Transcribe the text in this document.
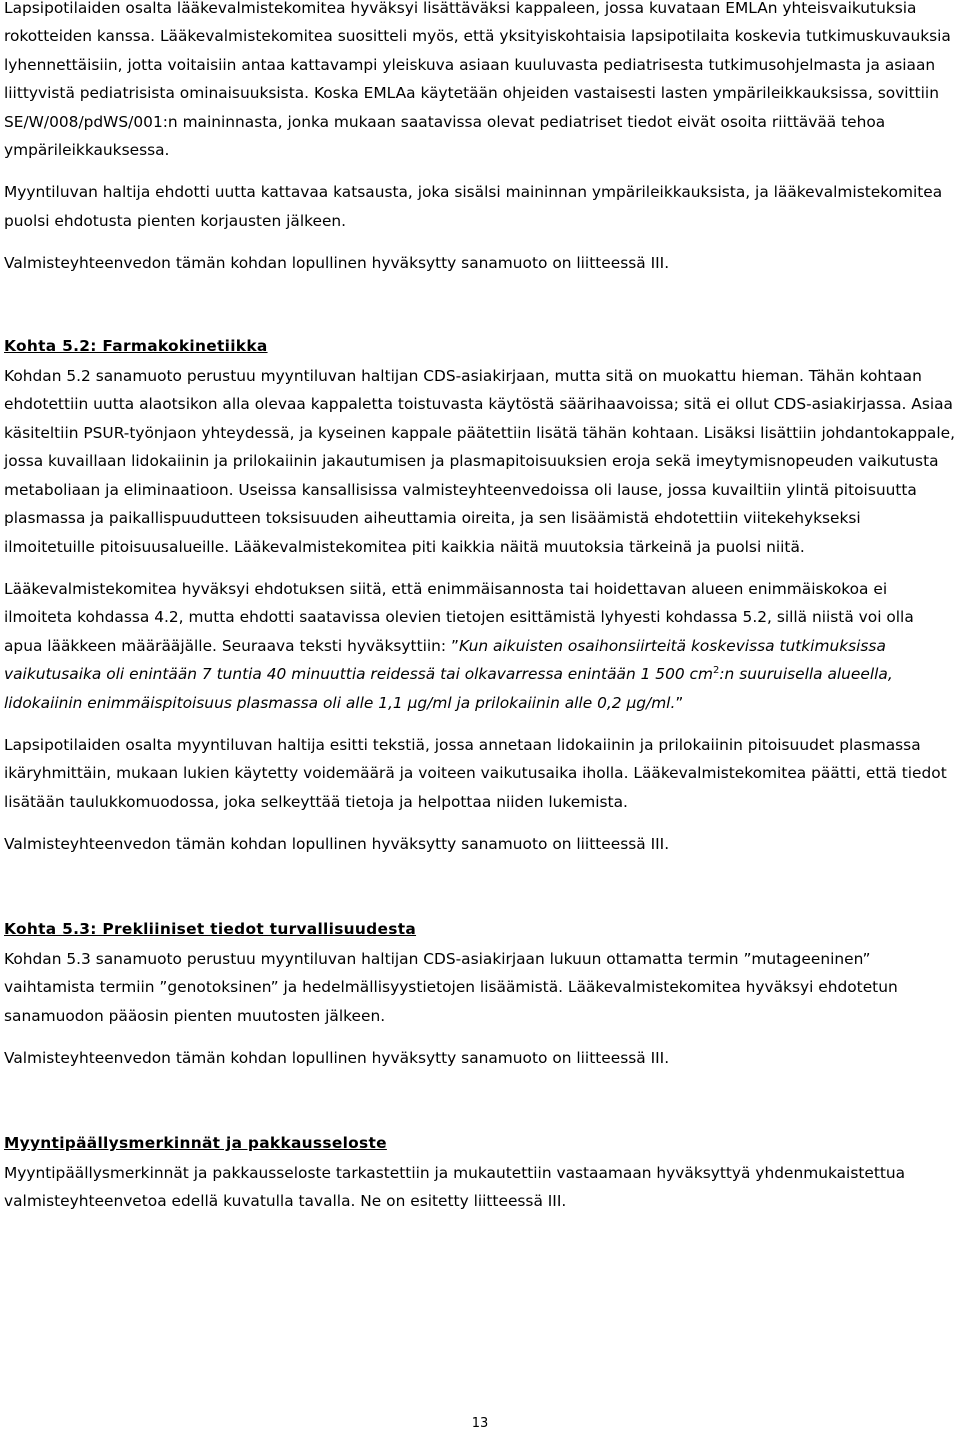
Lapsipotilaiden osalta lääkevalmistekomitea hyväksyi lisättäväksi kappaleen, jossa kuvataan EMLAn yhteisvaikutuksia rokotteiden kanssa. Lääkevalmistekomitea suositteli myös, että yksityiskohtaisia lapsipotilaita koskevia tutkimuskuvauksia lyhennettäisiin, jotta voitaisiin antaa kattavampi yleiskuva asiaan kuuluvasta pediatrisesta tutkimusohjelmasta ja asiaan liittyvistä pediatrisista ominaisuuksista. Koska EMLAa käytetään ohjeiden vastaisesti lasten ympärileikkauksissa, sovittiin SE/W/008/pdWS/001:n maininnasta, jonka mukaan saatavissa olevat pediatriset tiedot eivät osoita riittävää tehoa ympärileikkauksessa.

Myyntiluvan haltija ehdotti uutta kattavaa katsausta, joka sisälsi maininnan ympärileikkauksista, ja lääkevalmistekomitea puolsi ehdotusta pienten korjausten jälkeen.

Valmisteyhteenvedon tämän kohdan lopullinen hyväksytty sanamuoto on liitteessä III.

Kohta 5.2: Farmakokinetiikka

Kohdan 5.2 sanamuoto perustuu myyntiluvan haltijan CDS-asiakirjaan, mutta sitä on muokattu hieman. Tähän kohtaan ehdotettiin uutta alaotsikon alla olevaa kappaletta toistuvasta käytöstä säärihaavoissa; sitä ei ollut CDS-asiakirjassa. Asiaa käsiteltiin PSUR-työnjaon yhteydessä, ja kyseinen kappale päätettiin lisätä tähän kohtaan. Lisäksi lisättiin johdantokappale, jossa kuvaillaan lidokaiinin ja prilokaiinin jakautumisen ja plasmapitoisuuksien eroja sekä imeytymisnopeuden vaikutusta metaboliaan ja eliminaatioon. Useissa kansallisissa valmisteyhteenvedoissa oli lause, jossa kuvailtiin ylintä pitoisuutta plasmassa ja paikallispuudutteen toksisuuden aiheuttamia oireita, ja sen lisäämistä ehdotettiin viitekehykseksi ilmoitetuille pitoisuusalueille. Lääkevalmistekomitea piti kaikkia näitä muutoksia tärkeinä ja puolsi niitä.

Lääkevalmistekomitea hyväksyi ehdotuksen siitä, että enimmäisannosta tai hoidettavan alueen enimmäiskokoa ei ilmoiteta kohdassa 4.2, mutta ehdotti saatavissa olevien tietojen esittämistä lyhyesti kohdassa 5.2, sillä niistä voi olla apua lääkkeen määrääjälle. Seuraava teksti hyväksyttiin: ”Kun aikuisten osaihonsiirteitä koskevissa tutkimuksissa vaikutusaika oli enintään 7 tuntia 40 minuuttia reidessä tai olkavarressa enintään 1 500 $cm^2:n$ suuruisella alueella, lidokaiinin enimmäispitoisuus plasmassa oli alle 1,1 µg/ml ja prilokaiinin alle 0,2 µg/ml.”

Lapsipotilaiden osalta myyntiluvan haltija esitti tekstiä, jossa annetaan lidokaiinin ja prilokaiinin pitoisuudet plasmassa ikäryhmittäin, mukaan lukien käytetty voidemäärä ja voiteen vaikutusaika iholla. Lääkevalmistekomitea päätti, että tiedot lisätään taulukkomuodossa, joka selkeyttää tietoja ja helpottaa niiden lukemista.

Valmisteyhteenvedon tämän kohdan lopullinen hyväksytty sanamuoto on liitteessä III.

Kohta 5.3: Prekliiniset tiedot turvallisuudesta

Kohdan 5.3 sanamuoto perustuu myyntiluvan haltijan CDS-asiakirjaan lukuun ottamatta termin ”mutageeninen” vaihtamista termiin ”genotoksinen” ja hedelmällisyystietojen lisäämistä. Lääkevalmistekomitea hyväksyi ehdotetun sanamuodon pääosin pienten muutosten jälkeen.

Valmisteyhteenvedon tämän kohdan lopullinen hyväksytty sanamuoto on liitteessä III.

Myyntipäällysmerkinnät ja pakkausseloste

Myyntipäällysmerkinnät ja pakkausseloste tarkastettiin ja mukautettiin vastaamaan hyväksyttyä yhdenmukaistettua valmisteyhteenvetoa edellä kuvatulla tavalla. Ne on esitetty liitteessä III.

13
